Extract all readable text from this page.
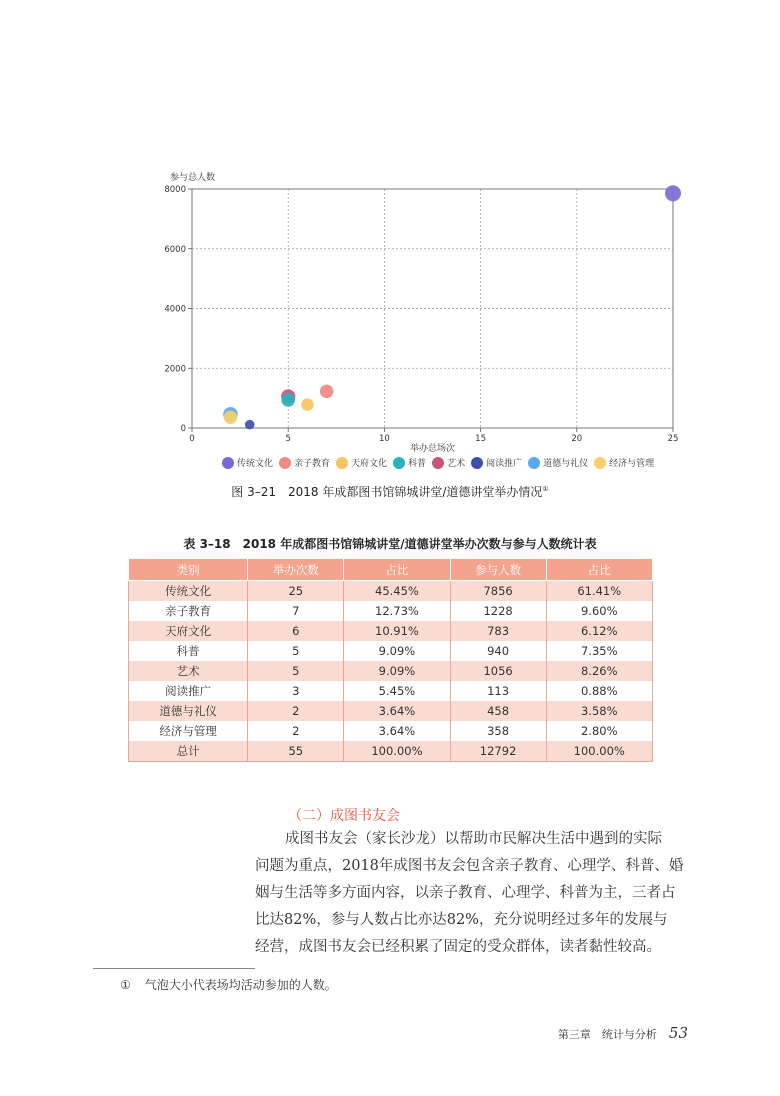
0	5	10	15	20	25
0
2000
4000
6000
8000
参与总人数
举办总场次
传统文化 亲子教育 天府文化 科普 艺术 阅读推广 道德与礼仪 经济与管理
图 3–21　2018 年成都图书馆锦城讲堂/道德讲堂举办情况①
表 3–18　2018 年成都图书馆锦城讲堂/道德讲堂举办次数与参与人数统计表
类别	举办次数	占比	参与人数	占比
传统文化	25	45.45%	7856	61.41%
亲子教育	7	12.73%	1228	9.60%
天府文化	6	10.91%	783	6.12%
科普	5	9.09%	940	7.35%
艺术	5	9.09%	1056	8.26%
阅读推广	3	5.45%	113	0.88%
道德与礼仪	2	3.64%	458	3.58%
经济与管理	2	3.64%	358	2.80%
总计	55	100.00%	12792	100.00%
（二）成图书友会
成图书友会（家长沙龙）以帮助市民解决生活中遇到的实际
问题为重点，2018年成图书友会包含亲子教育、心理学、科普、婚
姻与生活等多方面内容，以亲子教育、心理学、科普为主，三者占
比达82%，参与人数占比亦达82%，充分说明经过多年的发展与
经营，成图书友会已经积累了固定的受众群体，读者黏性较高。
① 气泡大小代表场均活动参加的人数。
第三章　统计与分析 53
